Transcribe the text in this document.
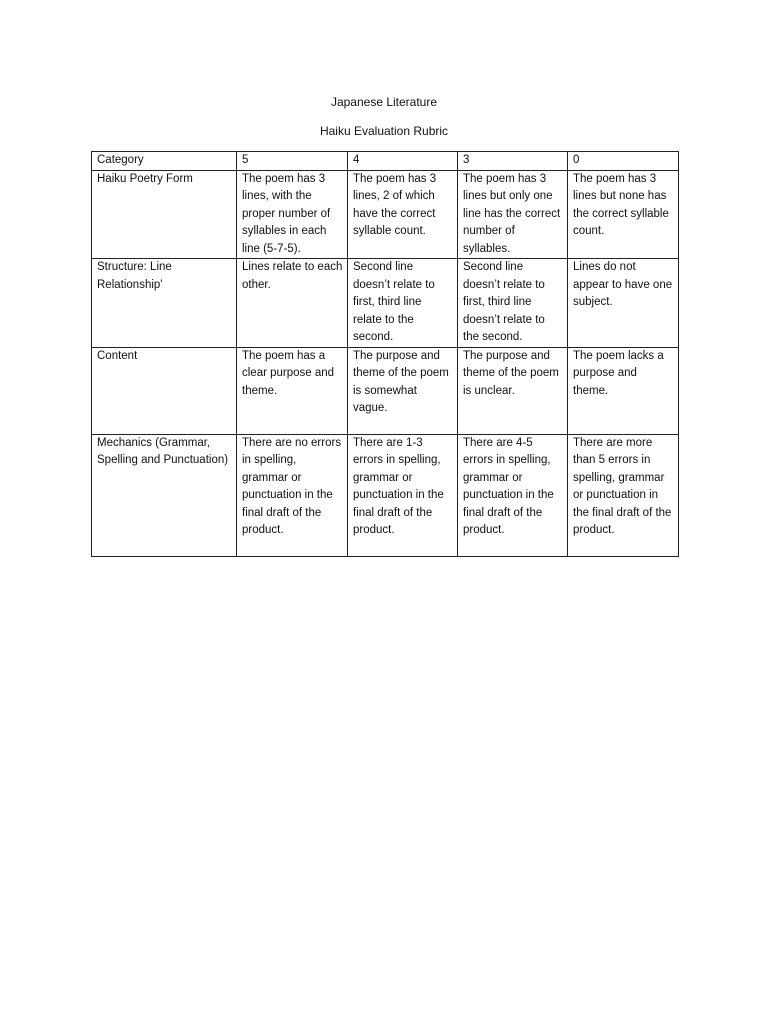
Japanese Literature
Haiku Evaluation Rubric
Category	5	4	3	0
Haiku Poetry Form	The poem has 3 lines, with the proper number of syllables in each line (5-7-5).	The poem has 3 lines, 2 of which have the correct syllable count.	The poem has 3 lines but only one line has the correct number of syllables.	The poem has 3 lines but none has the correct syllable count.
Structure: Line Relationship'	Lines relate to each other.	Second line doesn’t relate to first, third line relate to the second.	Second line doesn’t relate to first, third line doesn’t relate to the second.	Lines do not appear to have one subject.
Content	The poem has a clear purpose and theme.	The purpose and theme of the poem is somewhat vague.	The purpose and theme of the poem is unclear.	The poem lacks a purpose and theme.
Mechanics (Grammar, Spelling and Punctuation)	There are no errors in spelling, grammar or punctuation in the final draft of the product.	There are 1-3 errors in spelling, grammar or punctuation in the final draft of the product.	There are 4-5 errors in spelling, grammar or punctuation in the final draft of the product.	There are more than 5 errors in spelling, grammar or punctuation in the final draft of the product.
